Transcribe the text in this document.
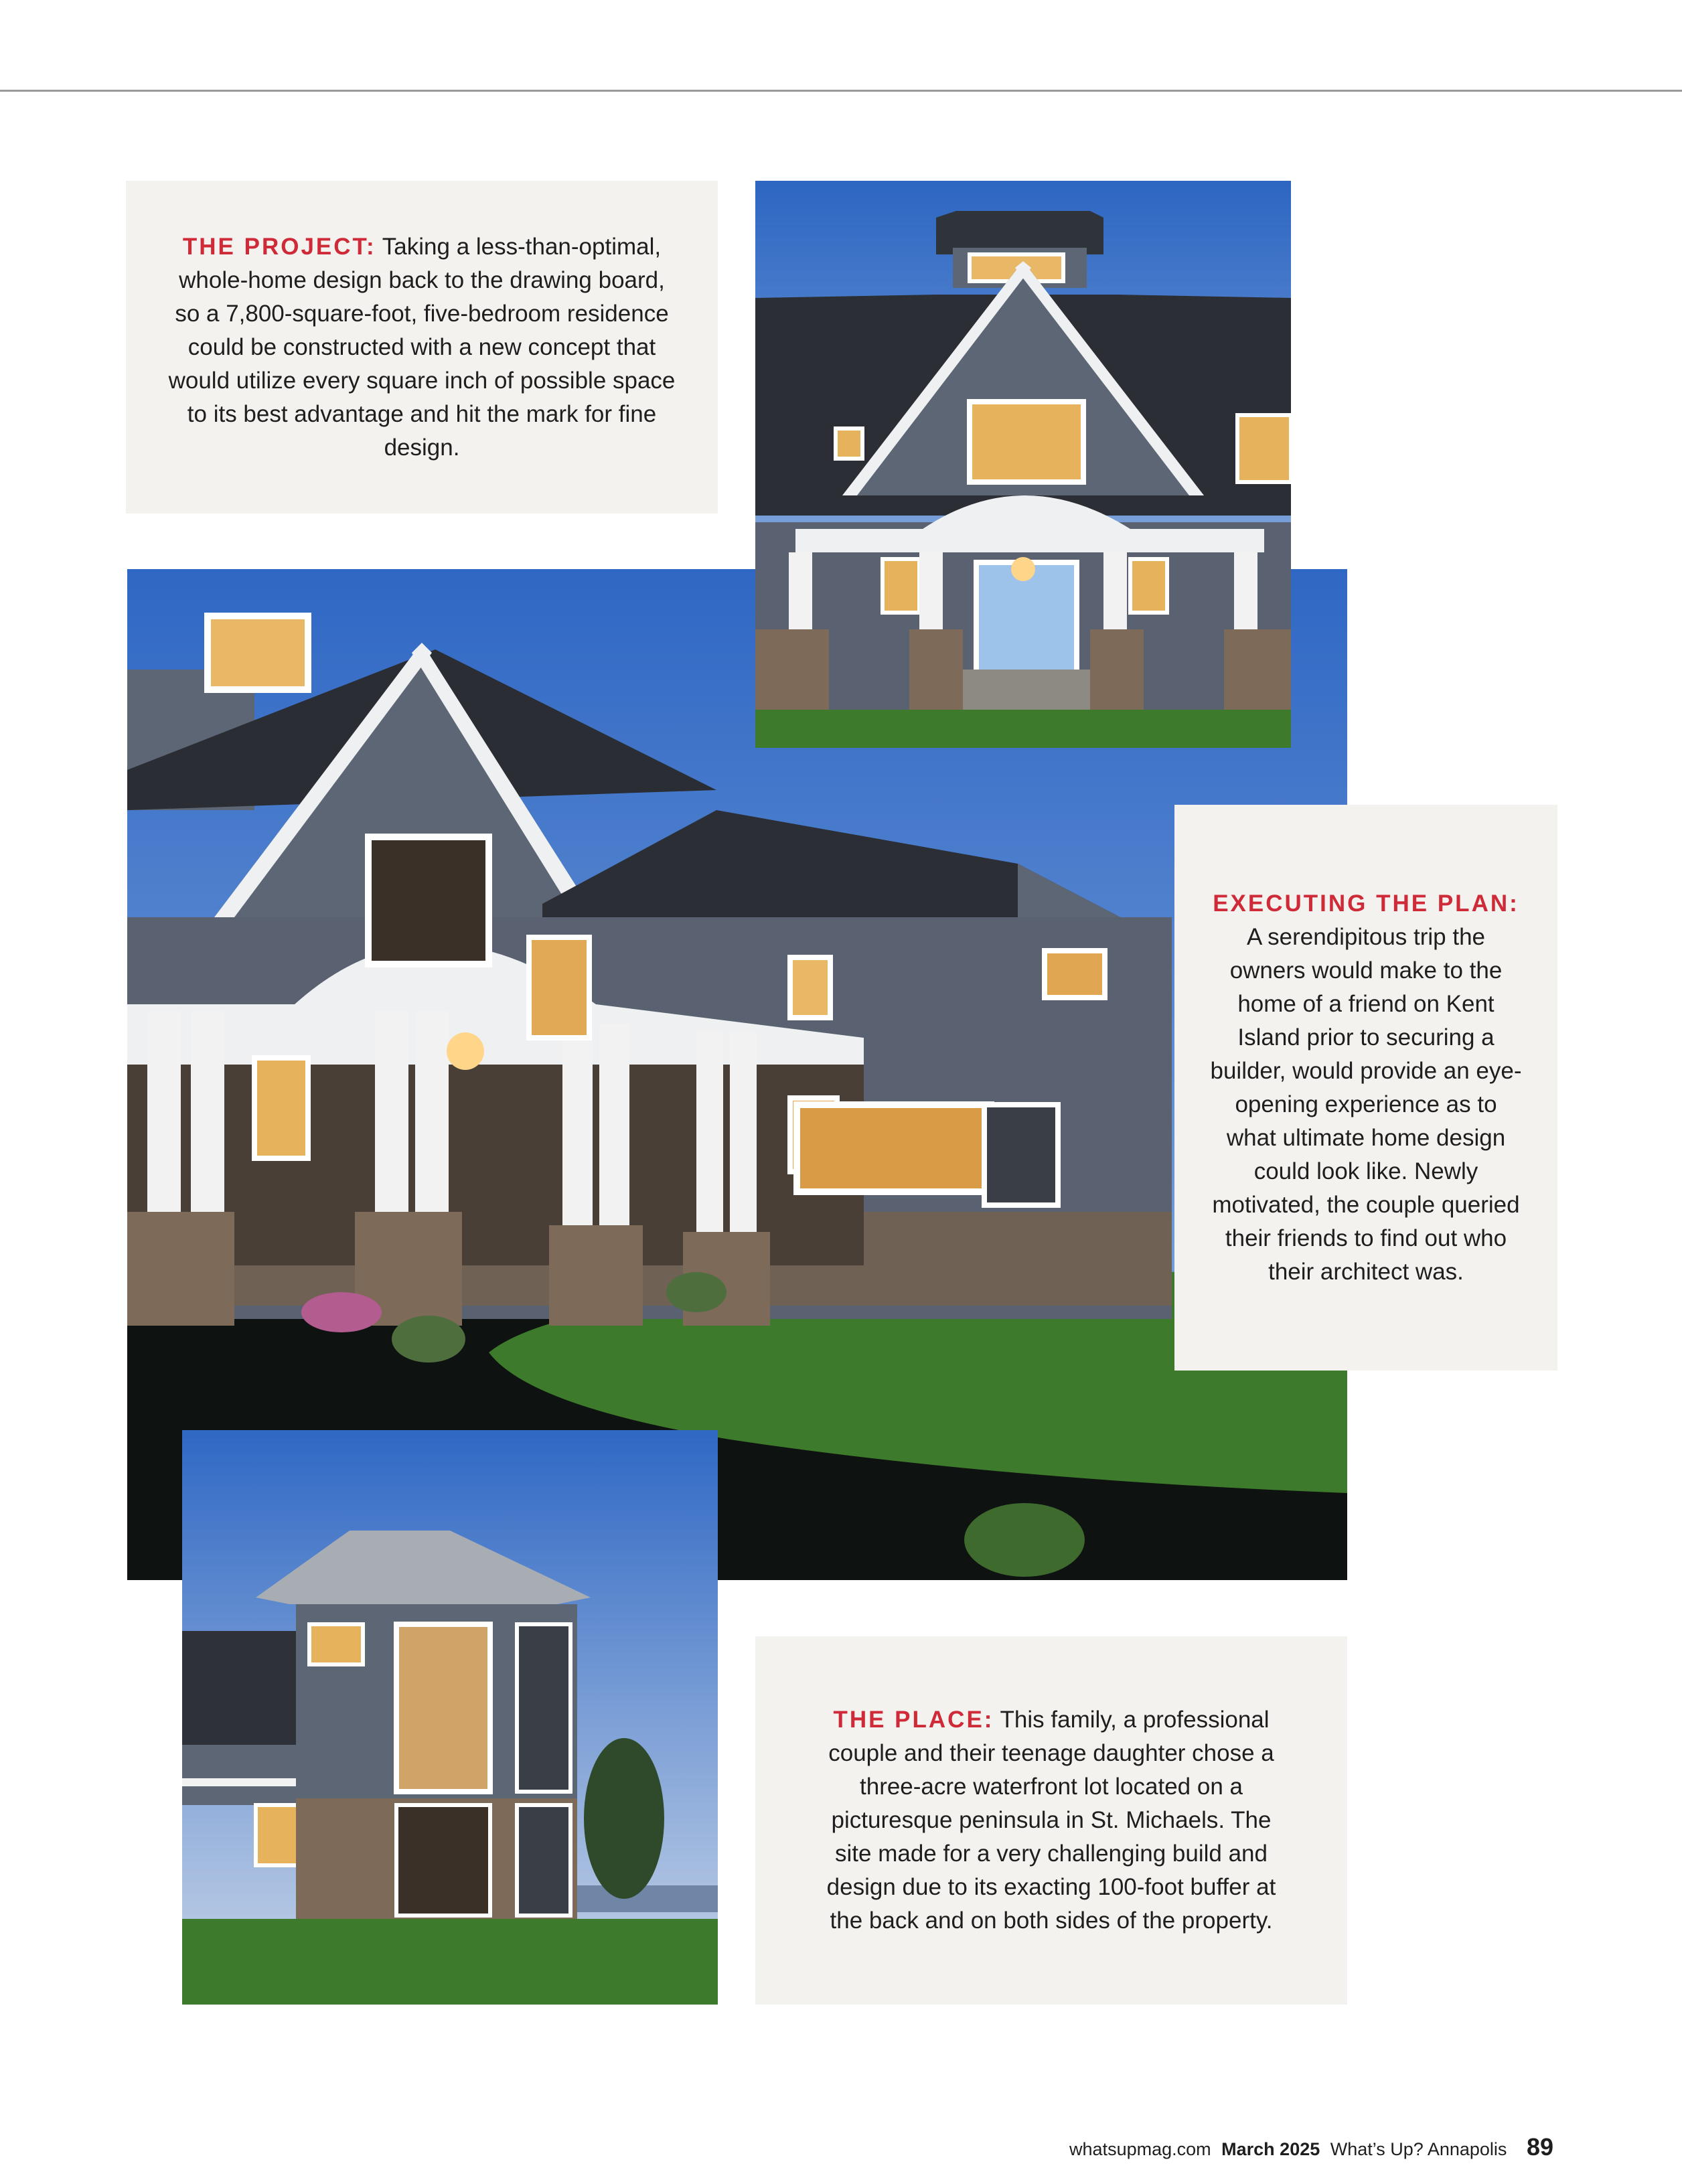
THE PROJECT: Taking a less-than-optimal, whole-home design back to the drawing board, so a 7,800-square-foot, five-bedroom residence could be constructed with a new concept that would utilize every square inch of possible space to its best advantage and hit the mark for fine design.

EXECUTING THE PLAN: A serendipitous trip the owners would make to the home of a friend on Kent Island prior to securing a builder, would provide an eye-opening experience as to what ultimate home design could look like. Newly motivated, the couple queried their friends to find out who their architect was.

THE PLACE: This family, a professional couple and their teenage daughter chose a three-acre waterfront lot located on a picturesque peninsula in St. Michaels. The site made for a very challenging build and design due to its exacting 100-foot buffer at the back and on both sides of the property.

whatsupmag.com March 2025 What’s Up? Annapolis 89
